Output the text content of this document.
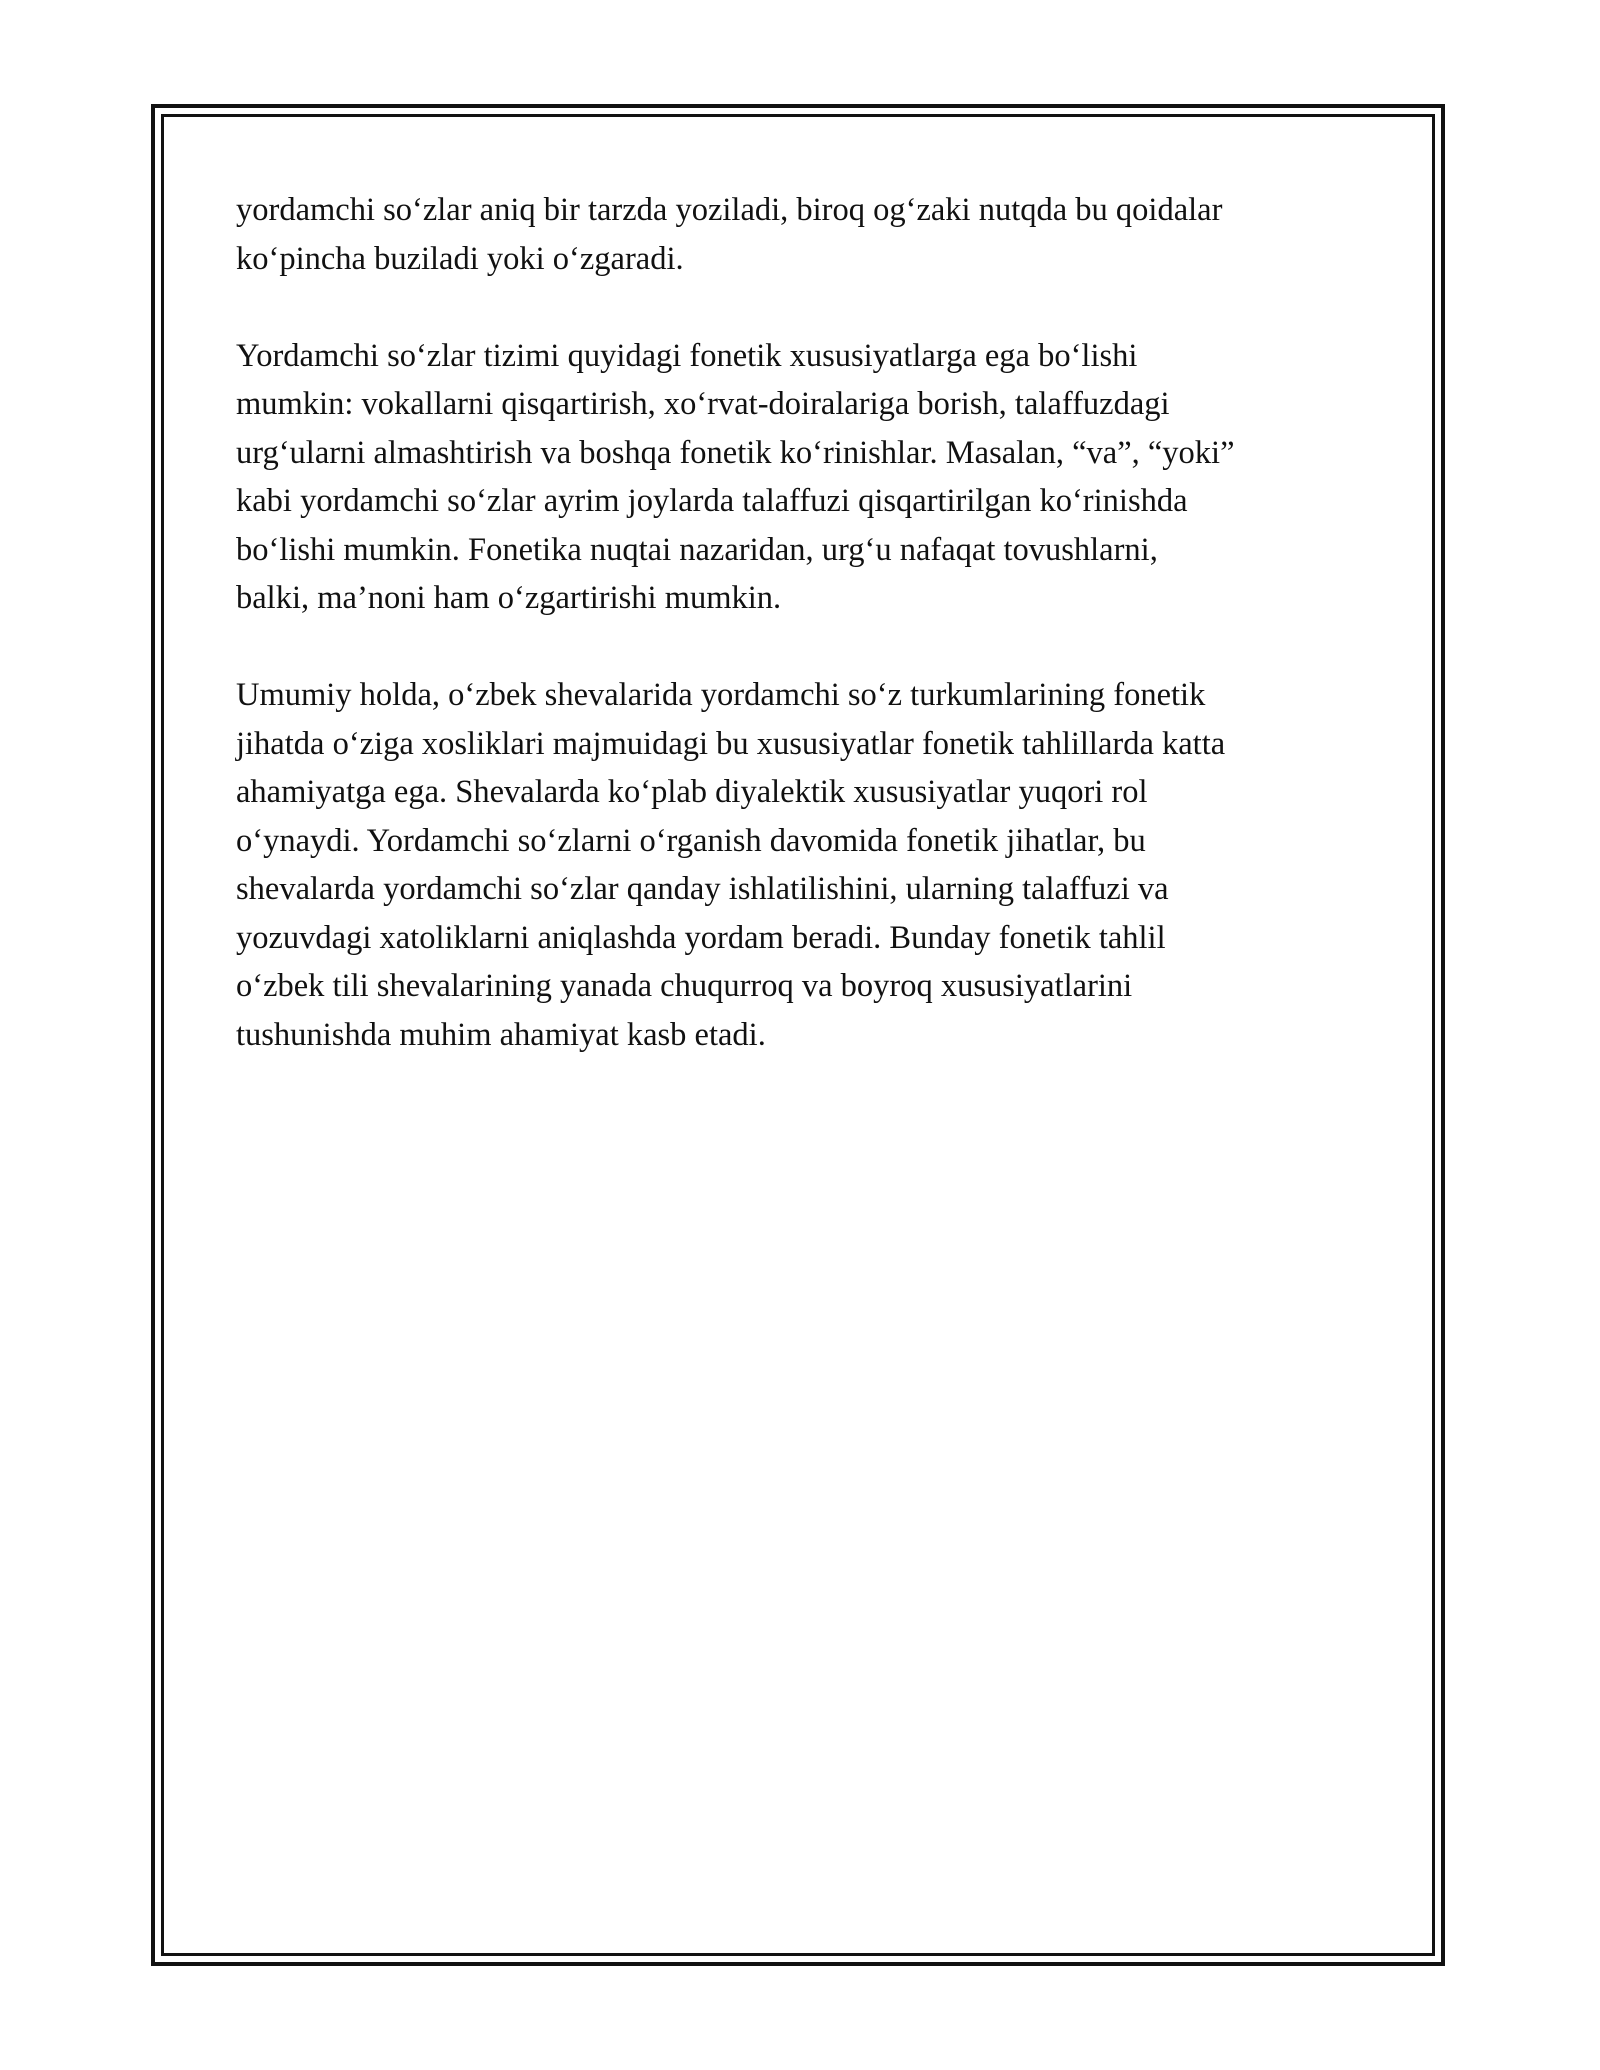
yordamchi so‘zlar aniq bir tarzda yoziladi, biroq og‘zaki nutqda bu qoidalar
ko‘pincha buziladi yoki o‘zgaradi.

Yordamchi so‘zlar tizimi quyidagi fonetik xususiyatlarga ega bo‘lishi
mumkin: vokallarni qisqartirish, xo‘rvat-doiralariga borish, talaffuzdagi
urg‘ularni almashtirish va boshqa fonetik ko‘rinishlar. Masalan, “va”, “yoki”
kabi yordamchi so‘zlar ayrim joylarda talaffuzi qisqartirilgan ko‘rinishda
bo‘lishi mumkin. Fonetika nuqtai nazaridan, urg‘u nafaqat tovushlarni,
balki, ma’noni ham o‘zgartirishi mumkin.

Umumiy holda, o‘zbek shevalarida yordamchi so‘z turkumlarining fonetik
jihatda o‘ziga xosliklari majmuidagi bu xususiyatlar fonetik tahlillarda katta
ahamiyatga ega. Shevalarda ko‘plab diyalektik xususiyatlar yuqori rol
o‘ynaydi. Yordamchi so‘zlarni o‘rganish davomida fonetik jihatlar, bu
shevalarda yordamchi so‘zlar qanday ishlatilishini, ularning talaffuzi va
yozuvdagi xatoliklarni aniqlashda yordam beradi. Bunday fonetik tahlil
o‘zbek tili shevalarining yanada chuqurroq va boyroq xususiyatlarini
tushunishda muhim ahamiyat kasb etadi.
